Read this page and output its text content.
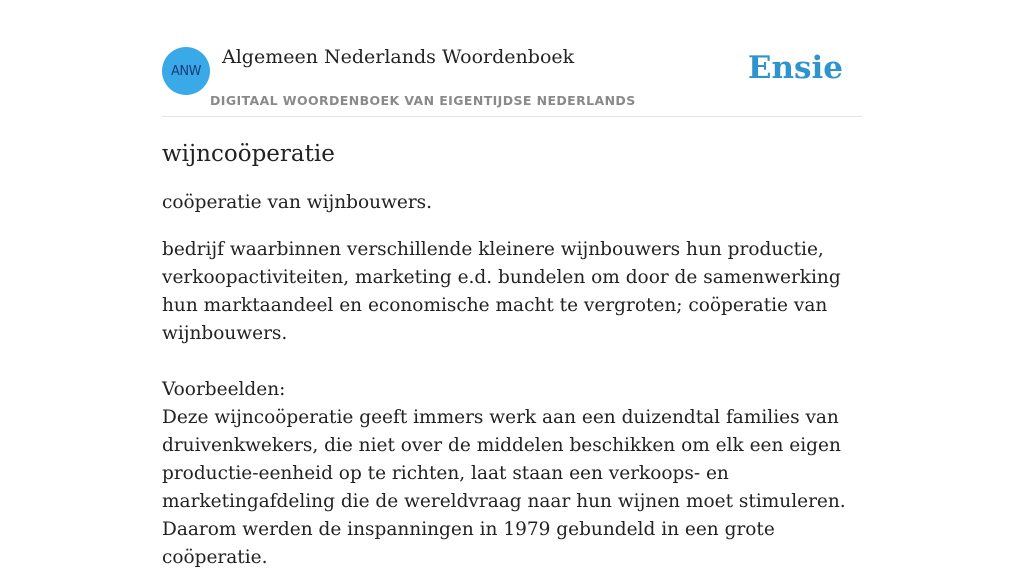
ANW
Algemeen Nederlands Woordenboek
DIGITAAL WOORDENBOEK VAN EIGENTIJDSE NEDERLANDS
Ensie
wijncoöperatie

coöperatie van wijnbouwers.

bedrijf waarbinnen verschillende kleinere wijnbouwers hun productie, verkoopactiviteiten, marketing e.d. bundelen om door de samenwerking hun marktaandeel en economische macht te vergroten; coöperatie van wijnbouwers.

Voorbeelden:

Deze wijncoöperatie geeft immers werk aan een duizendtal families van druivenkwekers, die niet over de middelen beschikken om elk een eigen productie-eenheid op te richten, laat staan een verkoops- en marketingafdeling die de wereldvraag naar hun wijnen moet stimuleren. Daarom werden de inspanningen in 1979 gebundeld in een grote coöperatie.
